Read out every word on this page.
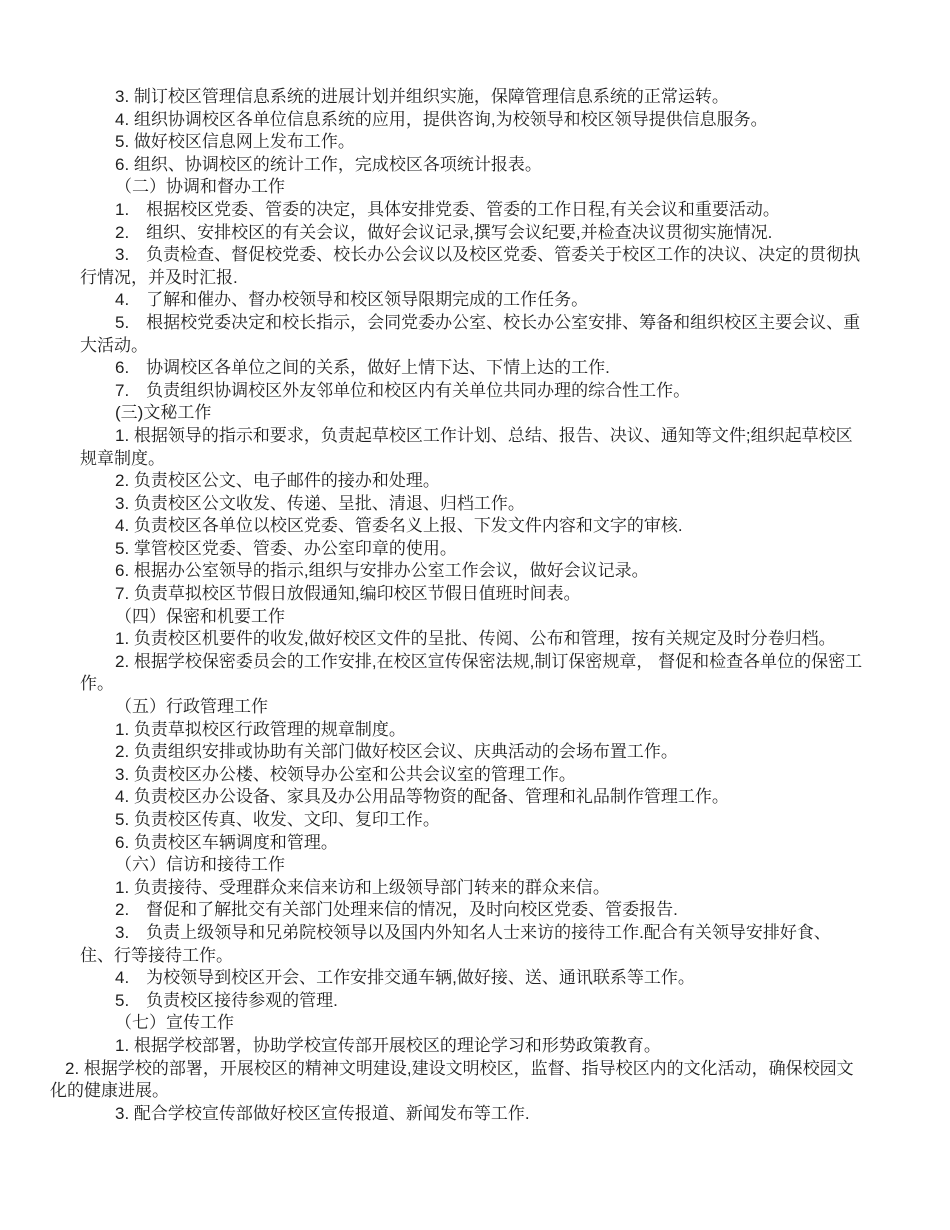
3. 制订校区管理信息系统的进展计划并组织实施，保障管理信息系统的正常运转。

4. 组织协调校区各单位信息系统的应用，提供咨询,为校领导和校区领导提供信息服务。

5. 做好校区信息网上发布工作。

6. 组织、协调校区的统计工作，完成校区各项统计报表。

（二）协调和督办工作

1.　根据校区党委、管委的决定，具体安排党委、管委的工作日程,有关会议和重要活动。

2.　组织、安排校区的有关会议，做好会议记录,撰写会议纪要,并检查决议贯彻实施情况.

3.　负责检查、督促校党委、校长办公会议以及校区党委、管委关于校区工作的决议、决定的贯彻执行情况，并及时汇报.

4.　了解和催办、督办校领导和校区领导限期完成的工作任务。

5.　根据校党委决定和校长指示，会同党委办公室、校长办公室安排、筹备和组织校区主要会议、重大活动。

6.　协调校区各单位之间的关系，做好上情下达、下情上达的工作.

7.　负责组织协调校区外友邻单位和校区内有关单位共同办理的综合性工作。

(三)文秘工作

1. 根据领导的指示和要求，负责起草校区工作计划、总结、报告、决议、通知等文件;组织起草校区规章制度。

2. 负责校区公文、电子邮件的接办和处理。

3. 负责校区公文收发、传递、呈批、清退、归档工作。

4. 负责校区各单位以校区党委、管委名义上报、下发文件内容和文字的审核.

5. 掌管校区党委、管委、办公室印章的使用。

6. 根据办公室领导的指示,组织与安排办公室工作会议，做好会议记录。

7. 负责草拟校区节假日放假通知,编印校区节假日值班时间表。

（四）保密和机要工作

1. 负责校区机要件的收发,做好校区文件的呈批、传阅、公布和管理，按有关规定及时分卷归档。

2. 根据学校保密委员会的工作安排,在校区宣传保密法规,制订保密规章， 督促和检查各单位的保密工作。

（五）行政管理工作

1. 负责草拟校区行政管理的规章制度。

2. 负责组织安排或协助有关部门做好校区会议、庆典活动的会场布置工作。

3. 负责校区办公楼、校领导办公室和公共会议室的管理工作。

4. 负责校区办公设备、家具及办公用品等物资的配备、管理和礼品制作管理工作。

5. 负责校区传真、收发、文印、复印工作。

6. 负责校区车辆调度和管理。

（六）信访和接待工作

1. 负责接待、受理群众来信来访和上级领导部门转来的群众来信。

2.　督促和了解批交有关部门处理来信的情况，及时向校区党委、管委报告.

3.　负责上级领导和兄弟院校领导以及国内外知名人士来访的接待工作.配合有关领导安排好食、住、行等接待工作。

4.　为校领导到校区开会、工作安排交通车辆,做好接、送、通讯联系等工作。

5.　负责校区接待参观的管理.

（七）宣传工作

1. 根据学校部署，协助学校宣传部开展校区的理论学习和形势政策教育。

2. 根据学校的部署，开展校区的精神文明建设,建设文明校区，监督、指导校区内的文化活动，确保校园文化的健康进展。

3. 配合学校宣传部做好校区宣传报道、新闻发布等工作.
